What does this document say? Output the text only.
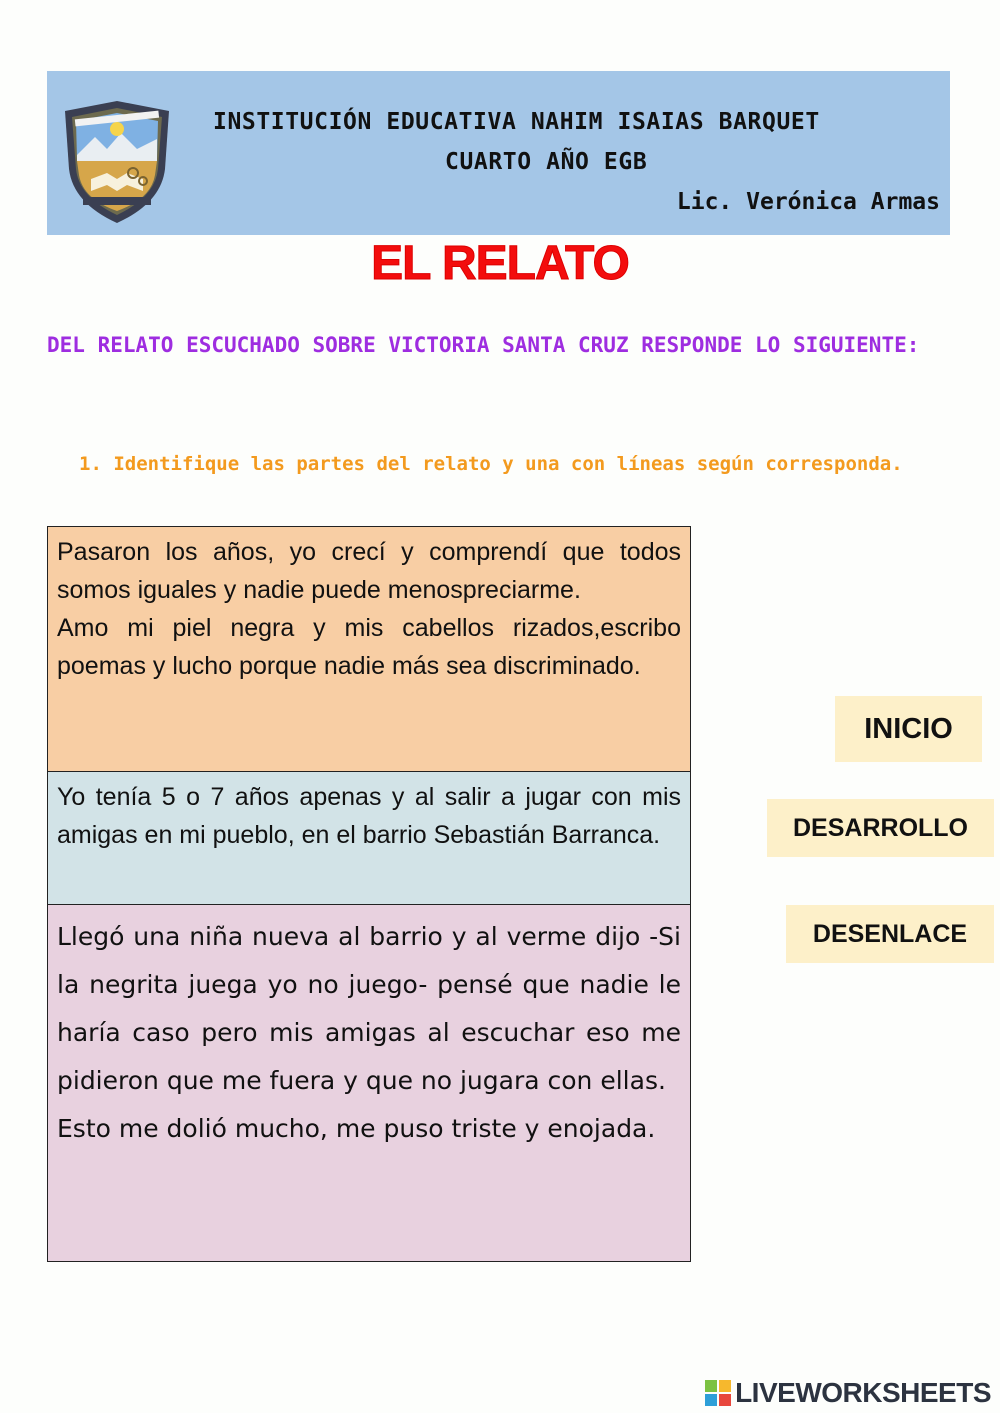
INSTITUCIÓN EDUCATIVA NAHIM ISAIAS BARQUET
CUARTO AÑO EGB
Lic. Verónica Armas
EL RELATO
DEL RELATO ESCUCHADO SOBRE VICTORIA SANTA CRUZ RESPONDE LO SIGUIENTE:
1. Identifique las partes del relato y una con líneas según corresponda.

Pasaron los años, yo crecí y comprendí que todos somos iguales y nadie puede menospreciarme.

Amo mi piel negra y mis cabellos rizados,escribo poemas y lucho porque nadie más sea discriminado.

Yo tenía 5 o 7 años apenas y al salir a jugar con mis amigas en mi pueblo, en el barrio Sebastián Barranca.

Llegó una niña nueva al barrio y al verme dijo -Si la negrita juega yo no juego- pensé que nadie le haría caso pero mis amigas al escuchar eso me pidieron que me fuera y que no jugara con ellas.

Esto me dolió mucho, me puso triste y enojada.

INICIO
DESARROLLO
DESENLACE
LIVEWORKSHEETS
